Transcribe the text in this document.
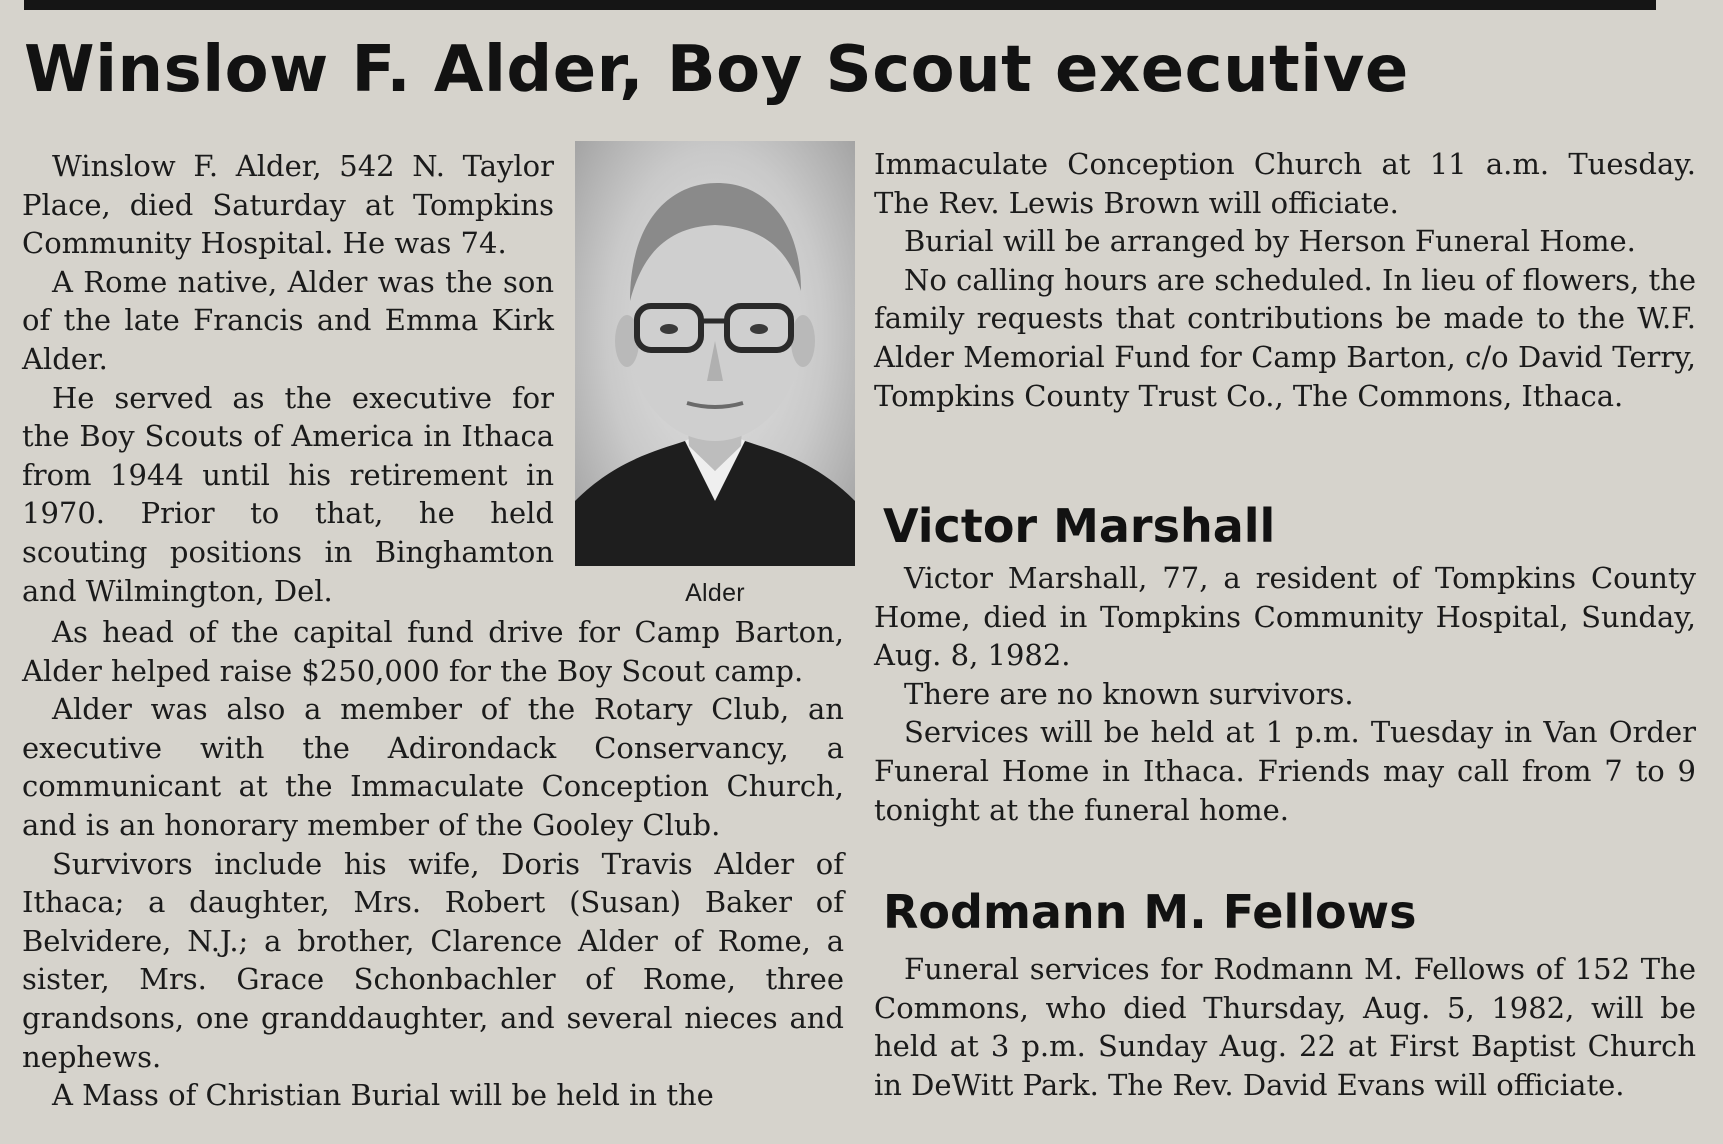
Winslow F. Alder, Boy Scout executive

Winslow F. Alder, 542 N. Taylor Place, died Saturday at Tompkins Community Hospital. He was 74.

A Rome native, Alder was the son of the late Francis and Emma Kirk Alder.

He served as the executive for the Boy Scouts of America in Ithaca from 1944 until his retirement in 1970. Prior to that, he held scouting positions in Binghamton and Wilmington, Del.	Alder

As head of the capital fund drive for Camp Barton, Alder helped raise $250,000 for the Boy Scout camp.

Alder was also a member of the Rotary Club, an executive with the Adirondack Conservancy, a communicant at the Immaculate Conception Church, and is an honorary member of the Gooley Club.

Survivors include his wife, Doris Travis Alder of Ithaca; a daughter, Mrs. Robert (Susan) Baker of Belvidere, N.J.; a brother, Clarence Alder of Rome, a sister, Mrs. Grace Schonbachler of Rome, three grandsons, one granddaughter, and several nieces and nephews.

A Mass of Christian Burial will be held in the

Immaculate Conception Church at 11 a.m. Tuesday. The Rev. Lewis Brown will officiate.

Burial will be arranged by Herson Funeral Home.

No calling hours are scheduled. In lieu of flowers, the family requests that contributions be made to the W.F. Alder Memorial Fund for Camp Barton, c/o David Terry, Tompkins County Trust Co., The Commons, Ithaca.

Victor Marshall

Victor Marshall, 77, a resident of Tompkins County Home, died in Tompkins Community Hospital, Sunday, Aug. 8, 1982.

There are no known survivors.

Services will be held at 1 p.m. Tuesday in Van Order Funeral Home in Ithaca. Friends may call from 7 to 9 tonight at the funeral home.

Rodmann M. Fellows

Funeral services for Rodmann M. Fellows of 152 The Commons, who died Thursday, Aug. 5, 1982, will be held at 3 p.m. Sunday Aug. 22 at First Baptist Church in DeWitt Park. The Rev. David Evans will officiate.
